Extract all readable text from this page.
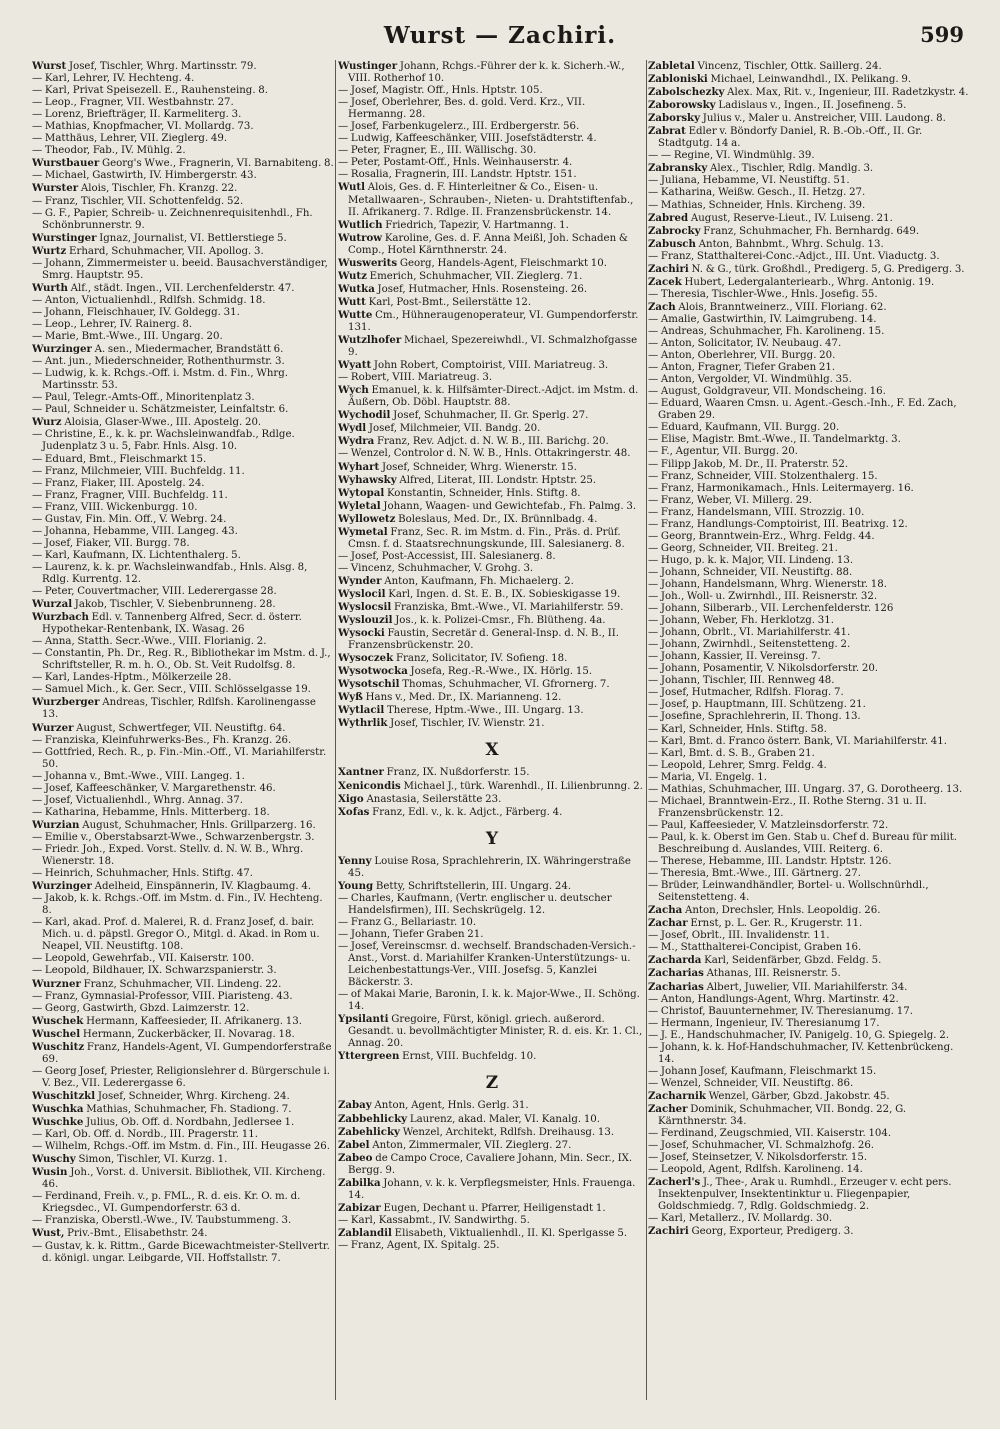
Wurst — Zachiri.	599

Wurst Josef, Tischler, Whrg. Martinsstr. 79.

— Karl, Lehrer, IV. Hechteng. 4.

— Karl, Privat Speisezell. E., Rauhensteing. 8.

— Leop., Fragner, VII. Westbahnstr. 27.

— Lorenz, Briefträger, II. Karmeliterg. 3.

— Mathias, Knopfmacher, VI. Mollardg. 73.

— Matthäus, Lehrer, VII. Zieglerg. 49.

— Theodor, Fab., IV. Mühlg. 2.

Wurstbauer Georg's Wwe., Fragnerin, VI. Barnabiteng. 8.

— Michael, Gastwirth, IV. Himbergerstr. 43.

Wurster Alois, Tischler, Fh. Kranzg. 22.

— Franz, Tischler, VII. Schottenfeldg. 52.

— G. F., Papier, Schreib- u. Zeichnenrequisitenhdl., Fh. Schönbrunnerstr. 9.

Wurstinger Ignaz, Journalist, VI. Bettlerstiege 5.

Wurtz Erhard, Schuhmacher, VII. Apollog. 3.

— Johann, Zimmermeister u. beeid. Bausachverständiger, Smrg. Hauptstr. 95.

Wurth Alf., städt. Ingen., VII. Lerchenfelderstr. 47.

— Anton, Victualienhdl., Rdlfsh. Schmidg. 18.

— Johann, Fleischhauer, IV. Goldegg. 31.

— Leop., Lehrer, IV. Rainerg. 8.

— Marie, Bmt.-Wwe., III. Ungarg. 20.

Wurzinger A. sen., Miedermacher, Brandstätt 6.

— Ant. jun., Miederschneider, Rothenthurmstr. 3.

— Ludwig, k. k. Rchgs.-Off. i. Mstm. d. Fin., Whrg. Martinsstr. 53.

— Paul, Telegr.-Amts-Off., Minoritenplatz 3.

— Paul, Schneider u. Schätzmeister, Leinfaltstr. 6.

Wurz Aloisia, Glaser-Wwe., III. Apostelg. 20.

— Christine, E., k. k. pr. Wachsleinwandfab., Rdlge. Judenplatz 3 u. 5, Fabr. Hnls. Alsg. 10.

— Eduard, Bmt., Fleischmarkt 15.

— Franz, Milchmeier, VIII. Buchfeldg. 11.

— Franz, Fiaker, III. Apostelg. 24.

— Franz, Fragner, VIII. Buchfeldg. 11.

— Franz, VIII. Wickenburgg. 10.

— Gustav, Fin. Min. Off., V. Webrg. 24.

— Johanna, Hebamme, VIII. Langeg. 43.

— Josef, Fiaker, VII. Burgg. 78.

— Karl, Kaufmann, IX. Lichtenthalerg. 5.

— Laurenz, k. k. pr. Wachsleinwandfab., Hnls. Alsg. 8, Rdlg. Kurrentg. 12.

— Peter, Couvertmacher, VIII. Lederergasse 28.

Wurzal Jakob, Tischler, V. Siebenbrunneng. 28.

Wurzbach Edl. v. Tannenberg Alfred, Secr. d. österr. Hypothekar-Rentenbank, IX. Wasag. 26

— Anna, Statth. Secr.-Wwe., VIII. Florianig. 2.

— Constantin, Ph. Dr., Reg. R., Bibliothekar im Mstm. d. J., Schriftsteller, R. m. h. O., Ob. St. Veit Rudolfsg. 8.

— Karl, Landes-Hptm., Mölkerzeile 28.

— Samuel Mich., k. Ger. Secr., VIII. Schlösselgasse 19.

Wurzberger Andreas, Tischler, Rdlfsh. Karolinengasse 13.

Wurzer August, Schwertfeger, VII. Neustiftg. 64.

— Franziska, Kleinfuhrwerks-Bes., Fh. Kranzg. 26.

— Gottfried, Rech. R., p. Fin.-Min.-Off., VI. Mariahilferstr. 50.

— Johanna v., Bmt.-Wwe., VIII. Langeg. 1.

— Josef, Kaffeeschänker, V. Margarethenstr. 46.

— Josef, Victualienhdl., Whrg. Annag. 37.

— Katharina, Hebamme, Hnls. Mitterberg. 18.

Wurzian August, Schuhmacher, Hnls. Grillparzerg. 16.

— Emilie v., Oberstabsarzt-Wwe., Schwarzenbergstr. 3.

— Friedr. Joh., Exped. Vorst. Stellv. d. N. W. B., Whrg. Wienerstr. 18.

— Heinrich, Schuhmacher, Hnls. Stiftg. 47.

Wurzinger Adelheid, Einspännerin, IV. Klagbaumg. 4.

— Jakob, k. k. Rchgs.-Off. im Mstm. d. Fin., IV. Hechteng. 8.

— Karl, akad. Prof. d. Malerei, R. d. Franz Josef, d. bair. Mich. u. d. päpstl. Gregor O., Mitgl. d. Akad. in Rom u. Neapel, VII. Neustiftg. 108.

— Leopold, Gewehrfab., VII. Kaiserstr. 100.

— Leopold, Bildhauer, IX. Schwarzspanierstr. 3.

Wurzner Franz, Schuhmacher, VII. Lindeng. 22.

— Franz, Gymnasial-Professor, VIII. Piaristeng. 43.

— Georg, Gastwirth, Gbzd. Laimzerstr. 12.

Wuschek Hermann, Kaffeesieder, II. Afrikanerg. 13.

Wuschel Hermann, Zuckerbäcker, II. Novarag. 18.

Wuschitz Franz, Handels-Agent, VI. Gumpendorferstraße 69.

— Georg Josef, Priester, Religionslehrer d. Bürgerschule i. V. Bez., VII. Lederergasse 6.

Wuschitzkl Josef, Schneider, Whrg. Kircheng. 24.

Wuschka Mathias, Schuhmacher, Fh. Stadiong. 7.

Wuschke Julius, Ob. Off. d. Nordbahn, Jedlersee 1.

— Karl, Ob. Off. d. Nordb., III. Pragerstr. 11.

— Wilhelm, Rchgs.-Off. im Mstm. d. Fin., III. Heugasse 26.

Wuschy Simon, Tischler, VI. Kurzg. 1.

Wusin Joh., Vorst. d. Universit. Bibliothek, VII. Kircheng. 46.

— Ferdinand, Freih. v., p. FML., R. d. eis. Kr. O. m. d. Kriegsdec., VI. Gumpendorferstr. 63 d.

— Franziska, Oberstl.-Wwe., IV. Taubstummeng. 3.

Wust, Priv.-Bmt., Elisabethstr. 24.

— Gustav, k. k. Rittm., Garde Bicewachtmeister-Stellvertr. d. königl. ungar. Leibgarde, VII. Hoffstallstr. 7.

Wustinger Johann, Rchgs.-Führer der k. k. Sicherh.-W., VIII. Rotherhof 10.

— Josef, Magistr. Off., Hnls. Hptstr. 105.

— Josef, Oberlehrer, Bes. d. gold. Verd. Krz., VII. Hermanng. 28.

— Josef, Farbenkugelerz., III. Erdbergerstr. 56.

— Ludwig, Kaffeeschänker, VIII. Josefstädterstr. 4.

— Peter, Fragner, E., III. Wällischg. 30.

— Peter, Postamt-Off., Hnls. Weinhauserstr. 4.

— Rosalia, Fragnerin, III. Landstr. Hptstr. 151.

Wutl Alois, Ges. d. F. Hinterleitner & Co., Eisen- u. Metallwaaren-, Schrauben-, Nieten- u. Drahtstiftenfab., II. Afrikanerg. 7. Rdlge. II. Franzensbrückenstr. 14.

Wutlich Friedrich, Tapezir, V. Hartmanng. 1.

Wutrow Karoline, Ges. d. F. Anna Meißl, Joh. Schaden & Comp., Hotel Kärnthnerstr. 24.

Wuswerits Georg, Handels-Agent, Fleischmarkt 10.

Wutz Emerich, Schuhmacher, VII. Zieglerg. 71.

Wutka Josef, Hutmacher, Hnls. Rosensteing. 26.

Wutt Karl, Post-Bmt., Seilerstätte 12.

Wutte Cm., Hühneraugenoperateur, VI. Gumpendorferstr. 131.

Wutzlhofer Michael, Spezereiwhdl., VI. Schmalzhofgasse 9.

Wyatt John Robert, Comptoirist, VIII. Mariatreug. 3.

— Robert, VIII. Mariatreug. 3.

Wych Emanuel, k. k. Hilfsämter-Direct.-Adjct. im Mstm. d. Äußern, Ob. Döbl. Hauptstr. 88.

Wychodil Josef, Schuhmacher, II. Gr. Sperlg. 27.

Wydl Josef, Milchmeier, VII. Bandg. 20.

Wydra Franz, Rev. Adjct. d. N. W. B., III. Barichg. 20.

— Wenzel, Controlor d. N. W. B., Hnls. Ottakringerstr. 48.

Wyhart Josef, Schneider, Whrg. Wienerstr. 15.

Wyhawsky Alfred, Literat, III. Londstr. Hptstr. 25.

Wytopal Konstantin, Schneider, Hnls. Stiftg. 8.

Wyletal Johann, Waagen- und Gewichtefab., Fh. Palmg. 3.

Wyllowetz Boleslaus, Med. Dr., IX. Brünnlbadg. 4.

Wymetal Franz, Sec. R. im Mstm. d. Fin., Präs. d. Prüf. Cmsn. f. d. Staatsrechnungskunde, III. Salesianerg. 8.

— Josef, Post-Accessist, III. Salesianerg. 8.

— Vincenz, Schuhmacher, V. Grohg. 3.

Wynder Anton, Kaufmann, Fh. Michaelerg. 2.

Wyslocil Karl, Ingen. d. St. E. B., IX. Sobieskigasse 19.

Wyslocsil Franziska, Bmt.-Wwe., VI. Mariahilferstr. 59.

Wyslouzil Jos., k. k. Polizei-Cmsr., Fh. Blütheng. 4a.

Wysocki Faustin, Secretär d. General-Insp. d. N. B., II. Franzensbrückenstr. 20.

Wysoczek Franz, Solicitator, IV. Sofieng. 18.

Wysotwocka Josefa, Reg.-R.-Wwe., IX. Hörlg. 15.

Wysotschil Thomas, Schuhmacher, VI. Gfrornerg. 7.

Wyß Hans v., Med. Dr., IX. Marianneng. 12.

Wytlacil Therese, Hptm.-Wwe., III. Ungarg. 13.

Wythrlik Josef, Tischler, IV. Wienstr. 21.

X

Xantner Franz, IX. Nußdorferstr. 15.

Xenicondis Michael J., türk. Warenhdl., II. Lilienbrunng. 2.

Xigo Anastasia, Seilerstätte 23.

Xofas Franz, Edl. v., k. k. Adjct., Färberg. 4.

Y

Yenny Louise Rosa, Sprachlehrerin, IX. Währingerstraße 45.

Young Betty, Schriftstellerin, III. Ungarg. 24.

— Charles, Kaufmann, (Vertr. englischer u. deutscher Handelsfirmen), III. Sechskrügelg. 12.

— Franz G., Bellariastr. 10.

— Johann, Tiefer Graben 21.

— Josef, Vereinscmsr. d. wechself. Brandschaden-Versich.-Anst., Vorst. d. Mariahilfer Kranken-Unterstützungs- u. Leichenbestattungs-Ver., VIII. Josefsg. 5, Kanzlei Bäckerstr. 3.

— of Makai Marie, Baronin, I. k. k. Major-Wwe., II. Schöng. 14.

Ypsilanti Gregoire, Fürst, königl. griech. außerord. Gesandt. u. bevollmächtigter Minister, R. d. eis. Kr. 1. Cl., Annag. 20.

Yttergreen Ernst, VIII. Buchfeldg. 10.

Z

Zabay Anton, Agent, Hnls. Gerlg. 31.

Zabbehlicky Laurenz, akad. Maler, VI. Kanalg. 10.

Zabehlicky Wenzel, Architekt, Rdlfsh. Dreihausg. 13.

Zabel Anton, Zimmermaler, VII. Zieglerg. 27.

Zabeo de Campo Croce, Cavaliere Johann, Min. Secr., IX. Bergg. 9.

Zabilka Johann, v. k. k. Verpflegsmeister, Hnls. Frauenga. 14.

Zabizar Eugen, Dechant u. Pfarrer, Heiligenstadt 1.

— Karl, Kassabmt., IV. Sandwirthg. 5.

Zablandil Elisabeth, Viktualienhdl., II. Kl. Sperlgasse 5.

— Franz, Agent, IX. Spitalg. 25.

Zabletal Vincenz, Tischler, Ottk. Saillerg. 24.

Zabloniski Michael, Leinwandhdl., IX. Pelikang. 9.

Zabolschezky Alex. Max, Rit. v., Ingenieur, III. Radetzkystr. 4.

Zaborowsky Ladislaus v., Ingen., II. Josefineng. 5.

Zaborsky Julius v., Maler u. Anstreicher, VIII. Laudong. 8.

Zabrat Edler v. Böndorfy Daniel, R. B.-Ob.-Off., II. Gr. Stadtgutg. 14 a.

— — Regine, VI. Windmühlg. 39.

Zabransky Alex., Tischler, Rdlg. Mandlg. 3.

— Juliana, Hebamme, VI. Neustiftg. 51.

— Katharina, Weißw. Gesch., II. Hetzg. 27.

— Mathias, Schneider, Hnls. Kircheng. 39.

Zabred August, Reserve-Lieut., IV. Luiseng. 21.

Zabrocky Franz, Schuhmacher, Fh. Bernhardg. 649.

Zabusch Anton, Bahnbmt., Whrg. Schulg. 13.

— Franz, Statthalterei-Conc.-Adjct., III. Unt. Viaductg. 3.

Zachiri N. & G., türk. Großhdl., Predigerg. 5, G. Predigerg. 3.

Zacek Hubert, Ledergalanteriearb., Whrg. Antonig. 19.

— Theresia, Tischler-Wwe., Hnls. Josefig. 55.

Zach Alois, Branntweinerz., VIII. Floriang. 62.

— Amalie, Gastwirthin, IV. Laimgrubeng. 14.

— Andreas, Schuhmacher, Fh. Karolineng. 15.

— Anton, Solicitator, IV. Neubaug. 47.

— Anton, Oberlehrer, VII. Burgg. 20.

— Anton, Fragner, Tiefer Graben 21.

— Anton, Vergolder, VI. Windmühlg. 35.

— August, Goldgraveur, VII. Mondscheing. 16.

— Eduard, Waaren Cmsn. u. Agent.-Gesch.-Inh., F. Ed. Zach, Graben 29.

— Eduard, Kaufmann, VII. Burgg. 20.

— Elise, Magistr. Bmt.-Wwe., II. Tandelmarktg. 3.

— F., Agentur, VII. Burgg. 20.

— Filipp Jakob, M. Dr., II. Praterstr. 52.

— Franz, Schneider, VIII. Stolzenthalerg. 15.

— Franz, Harmonikamach., Hnls. Leitermayerg. 16.

— Franz, Weber, VI. Millerg. 29.

— Franz, Handelsmann, VIII. Strozzig. 10.

— Franz, Handlungs-Comptoirist, III. Beatrixg. 12.

— Georg, Branntwein-Erz., Whrg. Feldg. 44.

— Georg, Schneider, VII. Breiteg. 21.

— Hugo, p. k. k. Major, VII. Lindeng. 13.

— Johann, Schneider, VII. Neustiftg. 88.

— Johann, Handelsmann, Whrg. Wienerstr. 18.

— Joh., Woll- u. Zwirnhdl., III. Reisnerstr. 32.

— Johann, Silberarb., VII. Lerchenfelderstr. 126

— Johann, Weber, Fh. Herklotzg. 31.

— Johann, Obrlt., VI. Mariahilferstr. 41.

— Johann, Zwirnhdl., Seitenstetteng. 2.

— Johann, Kassier, II. Vereinsg. 7.

— Johann, Posamentir, V. Nikolsdorferstr. 20.

— Johann, Tischler, III. Rennweg 48.

— Josef, Hutmacher, Rdlfsh. Florag. 7.

— Josef, p. Hauptmann, III. Schützeng. 21.

— Josefine, Sprachlehrerin, II. Thong. 13.

— Karl, Schneider, Hnls. Stiftg. 58.

— Karl, Bmt. d. Franco österr. Bank, VI. Mariahilferstr. 41.

— Karl, Bmt. d. S. B., Graben 21.

— Leopold, Lehrer, Smrg. Feldg. 4.

— Maria, VI. Engelg. 1.

— Mathias, Schuhmacher, III. Ungarg. 37, G. Dorotheerg. 13.

— Michael, Branntwein-Erz., II. Rothe Sterng. 31 u. II. Franzensbrückenstr. 12.

— Paul, Kaffeesieder, V. Matzleinsdorferstr. 72.

— Paul, k. k. Oberst im Gen. Stab u. Chef d. Bureau für milit. Beschreibung d. Auslandes, VIII. Reiterg. 6.

— Therese, Hebamme, III. Landstr. Hptstr. 126.

— Theresia, Bmt.-Wwe., III. Gärtnerg. 27.

— Brüder, Leinwandhändler, Bortel- u. Wollschnürhdl., Seitenstetteng. 4.

Zacha Anton, Drechsler, Hnls. Leopoldig. 26.

Zachar Ernst, p. L. Ger. R., Krugerstr. 11.

— Josef, Obrlt., III. Invalidenstr. 11.

— M., Statthalterei-Concipist, Graben 16.

Zacharda Karl, Seidenfärber, Gbzd. Feldg. 5.

Zacharias Athanas, III. Reisnerstr. 5.

Zacharias Albert, Juwelier, VII. Mariahilferstr. 34.

— Anton, Handlungs-Agent, Whrg. Martinstr. 42.

— Christof, Bauunternehmer, IV. Theresianumg. 17.

— Hermann, Ingenieur, IV. Theresianumg 17.

— J. E., Handschuhmacher, IV. Panigelg. 10, G. Spiegelg. 2.

— Johann, k. k. Hof-Handschuhmacher, IV. Kettenbrückeng. 14.

— Johann Josef, Kaufmann, Fleischmarkt 15.

— Wenzel, Schneider, VII. Neustiftg. 86.

Zacharnik Wenzel, Gärber, Gbzd. Jakobstr. 45.

Zacher Dominik, Schuhmacher, VII. Bondg. 22, G. Kärnthnerstr. 34.

— Ferdinand, Zeugschmied, VII. Kaiserstr. 104.

— Josef, Schuhmacher, VI. Schmalzhofg. 26.

— Josef, Steinsetzer, V. Nikolsdorferstr. 15.

— Leopold, Agent, Rdlfsh. Karolineng. 14.

Zacherl's J., Thee-, Arak u. Rumhdl., Erzeuger v. echt pers. Insektenpulver, Insektentinktur u. Fliegenpapier, Goldschmiedg. 7, Rdlg. Goldschmiedg. 2.

— Karl, Metallerz., IV. Mollardg. 30.

Zachiri Georg, Exporteur, Predigerg. 3.
